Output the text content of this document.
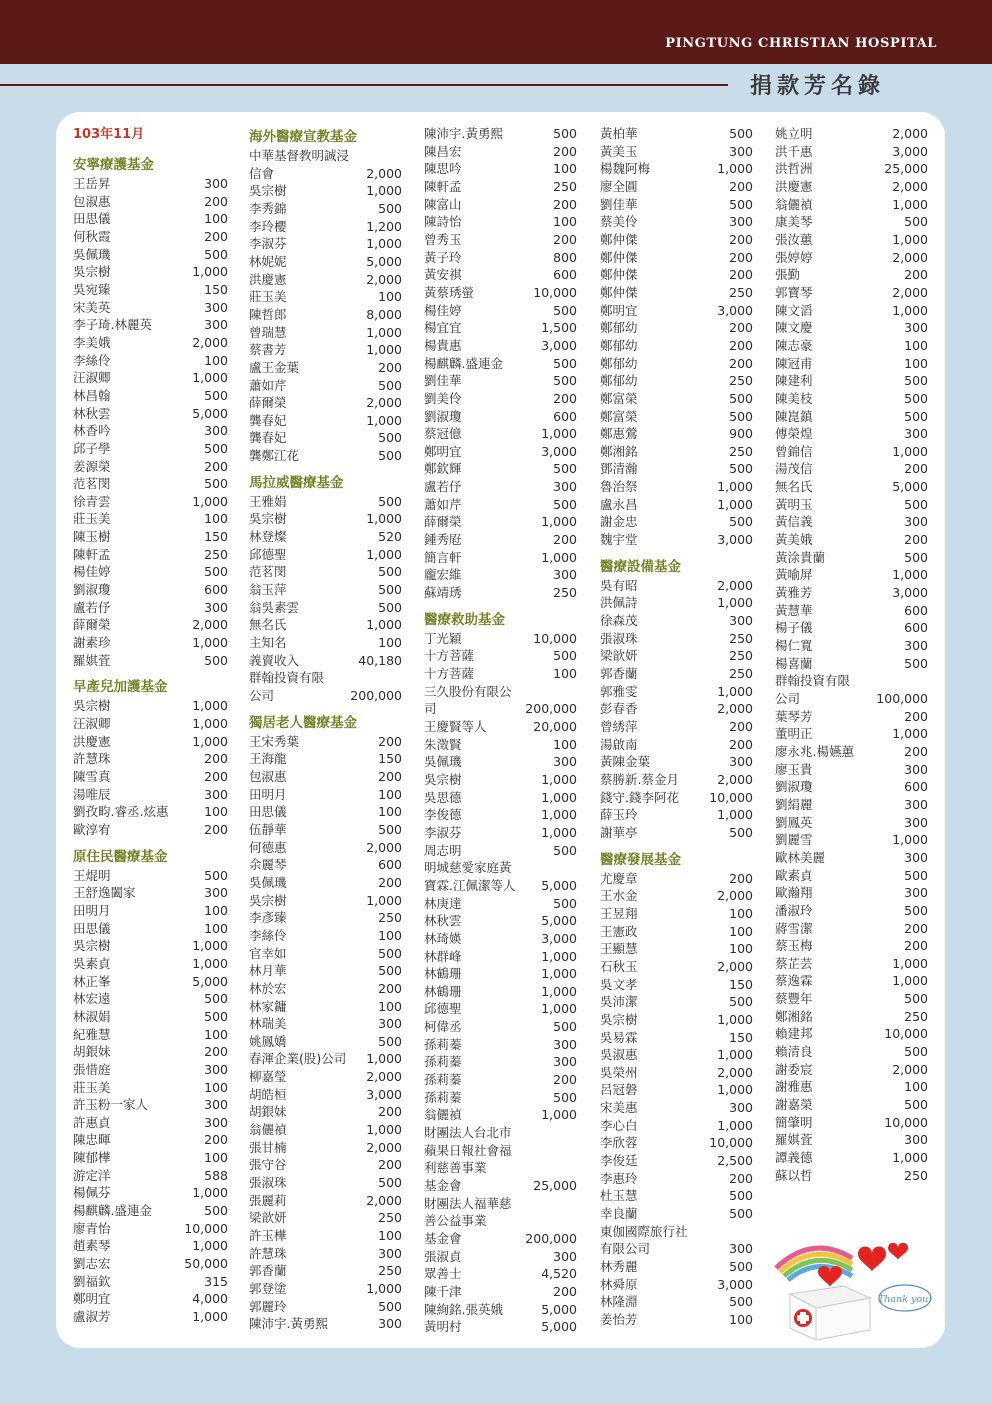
PINGTUNG CHRISTIAN HOSPITAL
捐款芳名錄
103年11月
安寧療護基金
王岳昇	300
包淑惠	200
田思儀	100
何秋霞	200
吳佩璣	500
吳宗樹	1,000
吳宛臻	150
宋美英	300
李子琦.林麗英	300
李美娥	2,000
李絲伶	100
汪淑卿	1,000
林昌翰	500
林秋雲	5,000
林香吟	300
邱子學	500
姜源榮	200
范茗閔	500
徐青雲	1,000
莊玉美	100
陳玉樹	150
陳軒孟	250
楊佳婷	500
劉淑瓊	600
盧若伃	300
薛爾榮	2,000
謝素珍	1,000
羅娸萓	500
早產兒加護基金
吳宗樹	1,000
汪淑卿	1,000
洪慶憲	1,000
許慧珠	200
陳雪真	200
湯唯辰	300
劉孜畇.睿丞.炫惠	100
歐淳宥	200
原住民醫療基金
王焜明	500
王舒逸闔家	300
田明月	100
田思儀	100
吳宗樹	1,000
吳素貞	1,000
林正峯	5,000
林宏遠	500
林淑娟	500
紀雅慧	100
胡銀妹	200
張惜庭	300
莊玉美	100
許玉粉一家人	300
許惠貞	300
陳忠暉	200
陳郁樺	100
游定洋	588
楊佩芬	1,000
楊麒麟.盛連金	500
廖青怡	10,000
趙素琴	1,000
劉志宏	50,000
劉福欽	315
鄭明宜	4,000
盧淑芳	1,000
海外醫療宣教基金
中華基督教明誠浸
信會	2,000
吳宗樹	1,000
李秀錦	500
李玲櫻	1,200
李淑芬	1,000
林妮妮	5,000
洪慶憲	2,000
莊玉美	100
陳哲郎	8,000
曾瑞慧	1,000
蔡書芳	1,000
盧王金葉	200
蕭如芹	500
薛爾榮	2,000
龔春妃	1,000
龔春妃	500
龔鄭江花	500
馬拉威醫療基金
王雅娟	500
吳宗樹	1,000
林登燦	520
邱德聖	1,000
范茗閔	500
翁玉萍	500
翁吳素雲	500
無名氏	1,000
主知名	100
義賣收入	40,180
群翰投資有限
公司	200,000
獨居老人醫療基金
王宋秀葉	200
王海龍	150
包淑惠	200
田明月	100
田思儀	100
伍靜華	500
何德惠	2,000
余麗琴	600
吳佩璣	200
吳宗樹	1,000
李彥臻	250
李絲伶	100
官幸如	500
林月華	500
林於宏	200
林家鏞	100
林瑞美	300
姚鳳嬌	500
春渾企業(股)公司	1,000
柳嘉瑩	2,000
胡皓桓	3,000
胡銀妹	200
翁儷禎	1,000
張甘楠	2,000
張守谷	200
張淑珠	500
張麗莉	2,000
梁歆妍	250
許玉樺	100
許慧珠	300
郭香蘭	250
郭登塗	1,000
郭麗玲	500
陳沛宇.黃勇熙	300
陳沛宇.黃勇熙	500
陳昌宏	200
陳思吟	100
陳軒孟	250
陳富山	200
陳詩怡	100
曾秀玉	200
黃子玲	800
黃安祺	600
黃蔡琇螢	10,000
楊佳婷	500
楊宜宜	1,500
楊貴惠	3,000
楊麒麟.盛連金	500
劉佳華	500
劉美伶	200
劉淑瓊	600
蔡冠億	1,000
鄭明宜	3,000
鄭欽輝	500
盧若伃	300
蕭如芹	500
薛爾榮	1,000
鍾秀屘	200
簡言軒	1,000
龐宏維	300
蘇靖琇	250
醫療救助基金
丁光穎	10,000
十方菩薩	500
十方菩薩	100
三久股份有限公
司	200,000
王慶賢等人	20,000
朱澂賢	100
吳佩璣	300
吳宗樹	1,000
吳思德	1,000
李俊德	1,000
李淑芬	1,000
周志明	500
明城慈愛家庭黃
寶霖.江佩潔等人	5,000
林庚達	500
林秋雲	5,000
林琦媖	3,000
林群峰	1,000
林鶴珊	1,000
林鶴珊	1,000
邱德聖	1,000
柯偉丞	500
孫莉蓁	300
孫莉蓁	300
孫莉蓁	200
孫莉蓁	500
翁儷禎	1,000
財團法人台北市
蘋果日報社會福
利慈善事業
基金會	25,000
財團法人福華慈
善公益事業
基金會	200,000
張淑貞	300
眾善士	4,520
陳千津	200
陳絢銘.張英娥	5,000
黃明村	5,000
黃柏華	500
黃美玉	300
楊魏阿梅	1,000
廖全圓	200
劉佳華	500
蔡美伶	300
鄭仲傑	200
鄭仲傑	200
鄭仲傑	200
鄭仲傑	250
鄭明宜	3,000
鄭郁幼	200
鄭郁幼	200
鄭郁幼	200
鄭郁幼	250
鄭富榮	500
鄭富榮	500
鄭惠鶯	900
鄭湘銘	250
鄧清瀚	500
魯治祭	1,000
盧永昌	1,000
謝金忠	500
魏宇堂	3,000
醫療設備基金
吳有昭	2,000
洪佩詩	1,000
徐森茂	300
張淑珠	250
梁歆妍	250
郭香蘭	250
郭雅雯	1,000
彭春香	2,000
曾綉萍	200
湯啟南	200
黃陳金葉	300
蔡勝新.蔡金月	2,000
錢守.錢李阿花	10,000
薛玉玲	1,000
謝華亭	500
醫療發展基金
尤慶章	200
王水金	2,000
王昱翔	100
王憲政	100
王顯慧	100
石秋玉	2,000
吳文孝	150
吳沛潔	500
吳宗樹	1,000
吳易霖	150
吳淑惠	1,000
吳榮州	2,000
呂冠磐	1,000
宋美惠	300
李心白	1,000
李欣蓉	10,000
李俊廷	2,500
李惠玲	200
杜玉慧	500
幸良蘭	500
東伽國際旅行社
有限公司	300
林秀麗	500
林舜原	3,000
林隆淵	500
姜怡芳	100
姚立明	2,000
洪千惠	3,000
洪哲洲	25,000
洪慶憲	2,000
翁儷禎	1,000
康美琴	500
張汝蕙	1,000
張婷婷	2,000
張勤	200
郭寶琴	2,000
陳文滔	1,000
陳文慶	300
陳志豪	100
陳冠甫	100
陳建利	500
陳美枝	500
陳崑鎮	500
傅榮煌	300
曾錦信	1,000
湯茂信	200
無名氏	5,000
黃明玉	500
黃信義	300
黃美娥	200
黃涂貴蘭	500
黃喻屏	1,000
黃雅芳	3,000
黃慧華	600
楊子儀	600
楊仁寬	300
楊喜蘭	500
群翰投資有限
公司	100,000
葉琴芳	200
董明正	1,000
廖永兆.楊嬿蕙	200
廖玉貴	300
劉淑瓊	600
劉絹麗	300
劉鳳英	300
劉麗雪	1,000
歐林美麗	300
歐素貞	500
歐瀚翔	300
潘淑玲	500
蔣雪潔	200
蔡玉梅	200
蔡芷芸	1,000
蔡逸霖	1,000
蔡豐年	500
鄭湘銘	250
賴建邦	10,000
賴清良	500
謝委宸	2,000
謝雅惠	100
謝嘉榮	500
簡肇明	10,000
羅娸萓	300
譚義德	1,000
蘇以哲	250
Thank you!
